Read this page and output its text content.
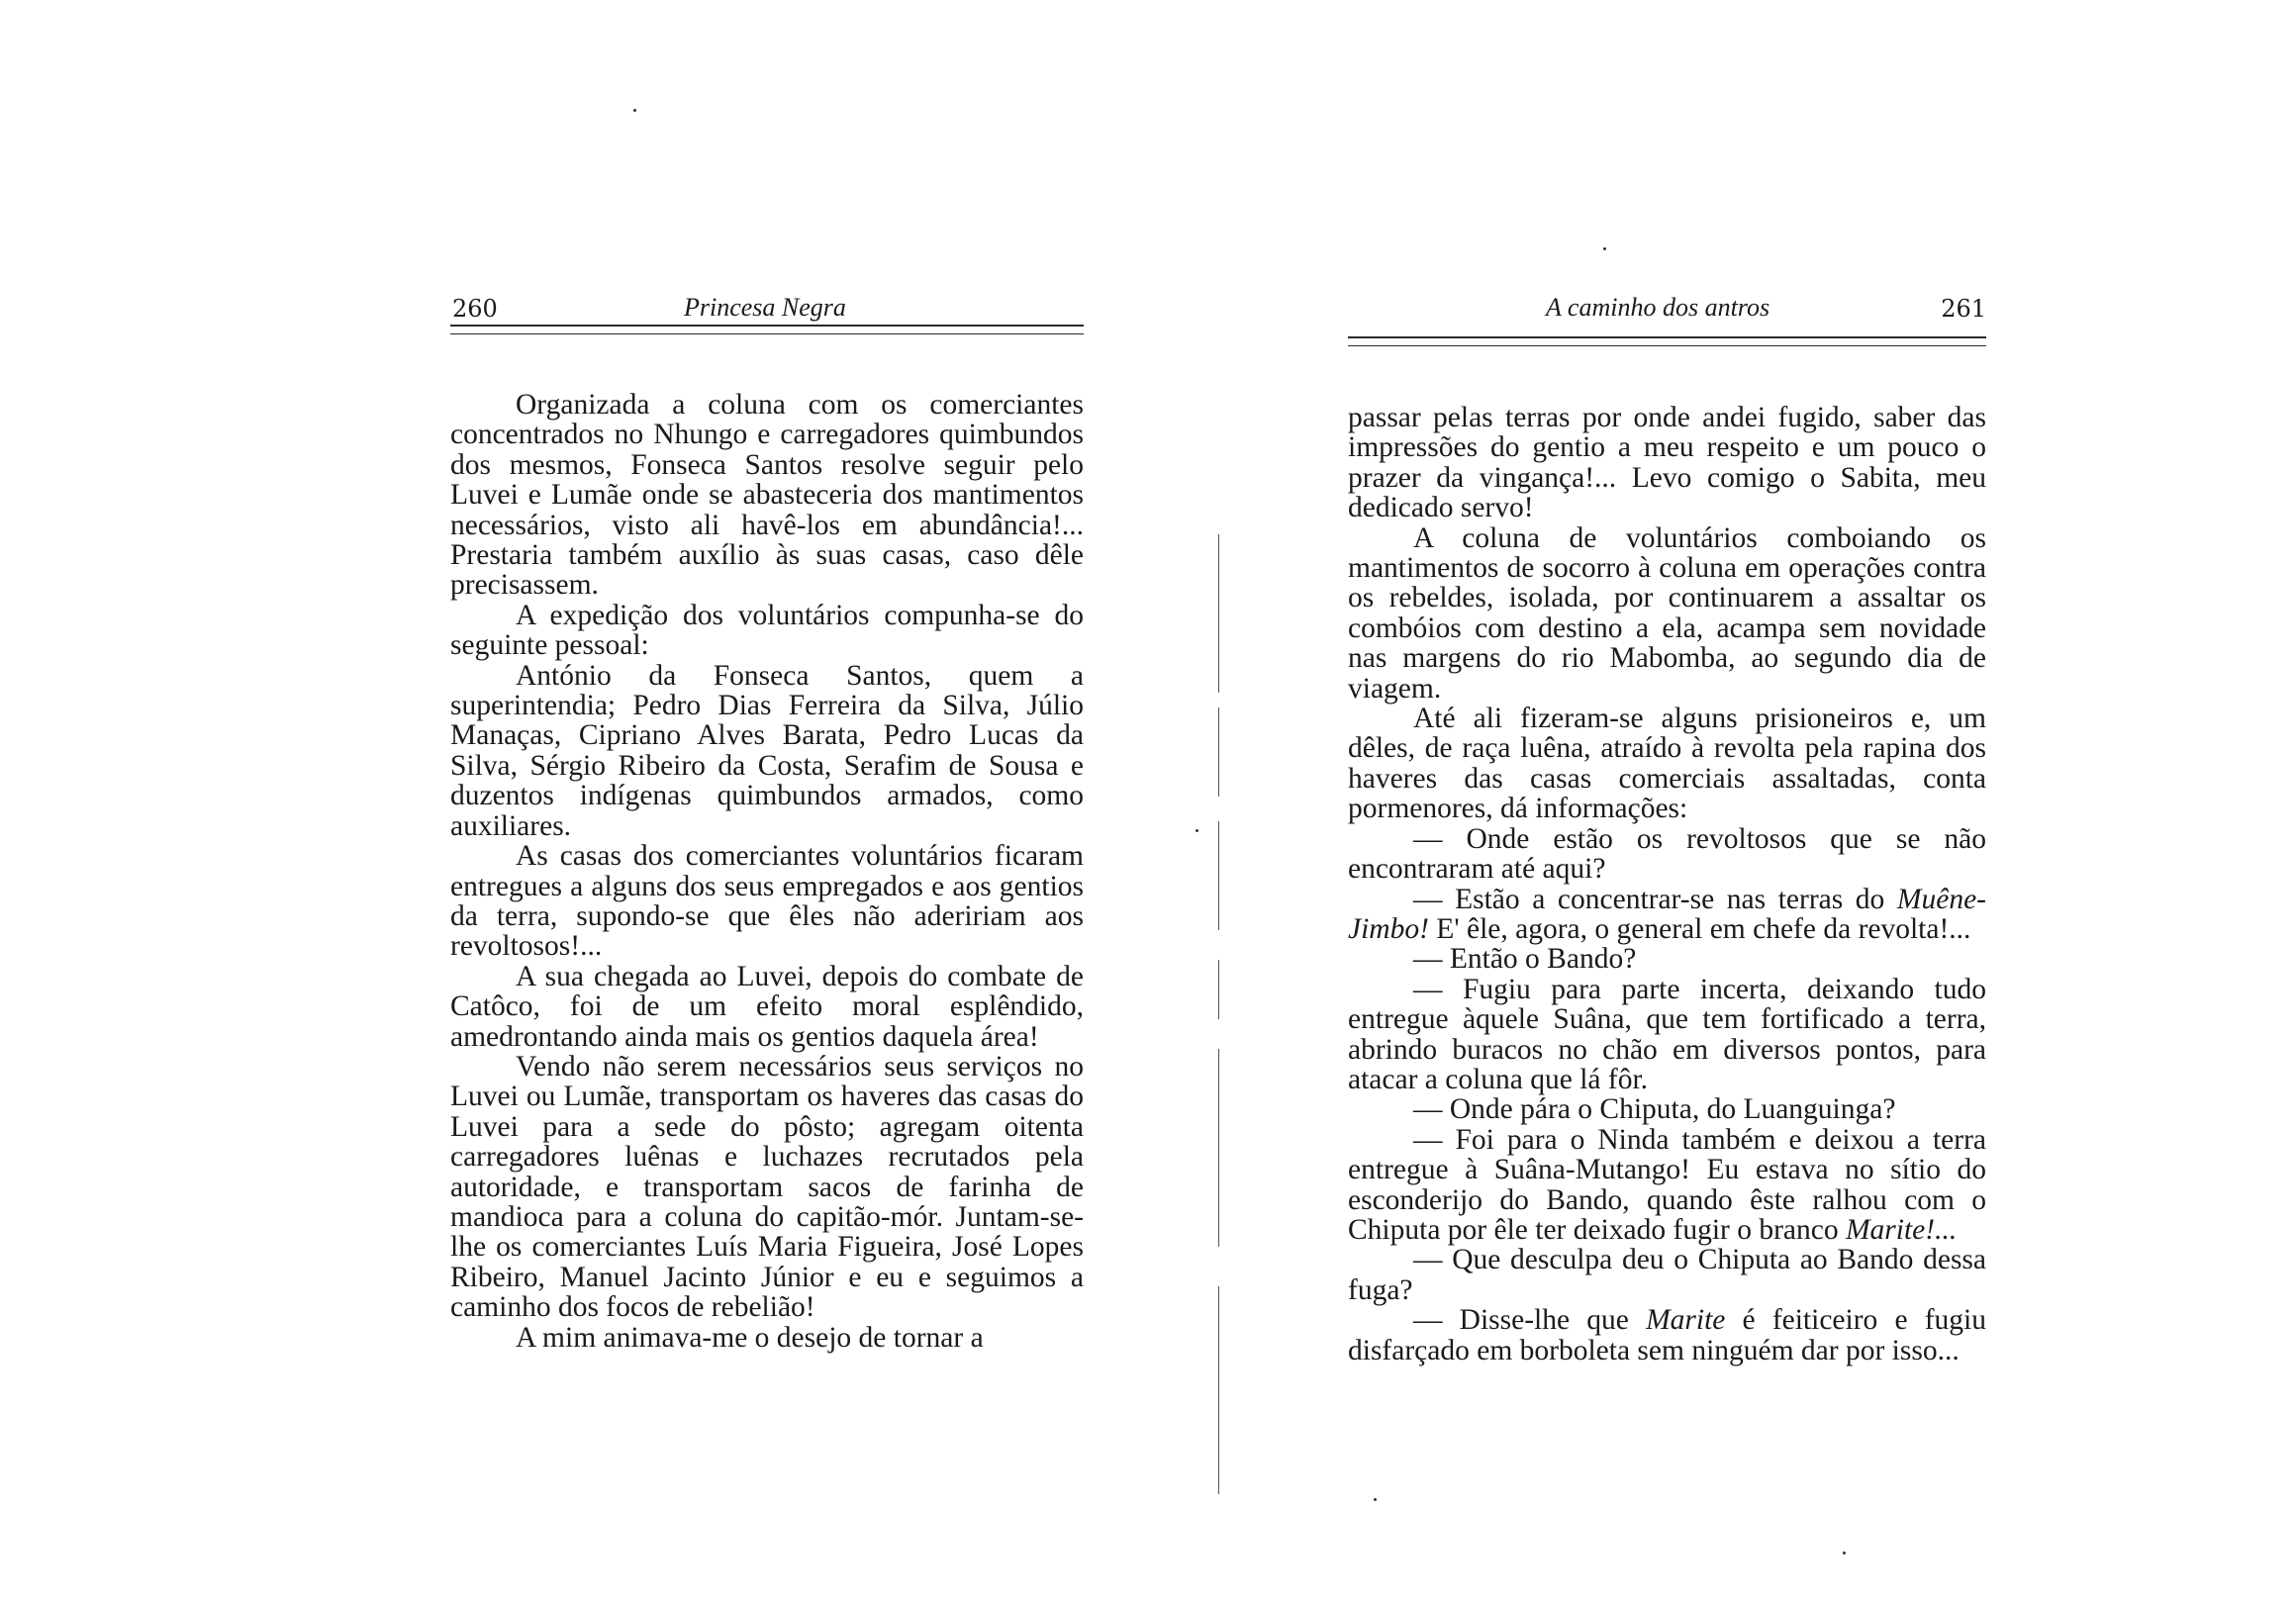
260	Princesa Negra

Organizada a coluna com os comerciantes concentrados no Nhungo e carregadores quimbundos dos mesmos, Fonseca Santos resolve seguir pelo Luvei e Lumãe onde se abasteceria dos mantimentos necessários, visto ali havê-los em abundância!... Prestaria também auxílio às suas casas, caso dêle precisassem.

A expedição dos voluntários compunha-se do seguinte pessoal:

António da Fonseca Santos, quem a superintendia; Pedro Dias Ferreira da Silva, Júlio Manaças, Cipriano Alves Barata, Pedro Lucas da Silva, Sérgio Ribeiro da Costa, Serafim de Sousa e duzentos indígenas quimbundos armados, como auxiliares.

As casas dos comerciantes voluntários ficaram entregues a alguns dos seus empregados e aos gentios da terra, supondo-se que êles não adeririam aos revoltosos!...

A sua chegada ao Luvei, depois do combate de Catôco, foi de um efeito moral esplêndido, amedrontando ainda mais os gentios daquela área!

Vendo não serem necessários seus serviços no Luvei ou Lumãe, transportam os haveres das casas do Luvei para a sede do pôsto; agregam oitenta carregadores luênas e luchazes recrutados pela autoridade, e transportam sacos de farinha de mandioca para a coluna do capitão-mór. Juntam-se-lhe os comerciantes Luís Maria Figueira, José Lopes Ribeiro, Manuel Jacinto Júnior e eu e seguimos a caminho dos focos de rebelião!

A mim animava-me o desejo de tornar a

A caminho dos antros	261

passar pelas terras por onde andei fugido, saber das impressões do gentio a meu respeito e um pouco o prazer da vingança!... Levo comigo o Sabita, meu dedicado servo!

A coluna de voluntários comboiando os mantimentos de socorro à coluna em operações contra os rebeldes, isolada, por continuarem a assaltar os combóios com destino a ela, acampa sem novidade nas margens do rio Mabomba, ao segundo dia de viagem.

Até ali fizeram-se alguns prisioneiros e, um dêles, de raça luêna, atraído à revolta pela rapina dos haveres das casas comerciais assaltadas, conta pormenores, dá informações:

— Onde estão os revoltosos que se não encontraram até aqui?

— Estão a concentrar-se nas terras do Muêne-Jimbo! E' êle, agora, o general em chefe da revolta!...

— Então o Bando?

— Fugiu para parte incerta, deixando tudo entregue àquele Suâna, que tem fortificado a terra, abrindo buracos no chão em diversos pontos, para atacar a coluna que lá fôr.

— Onde pára o Chiputa, do Luanguinga?

— Foi para o Ninda também e deixou a terra entregue à Suâna-Mutango! Eu estava no sítio do esconderijo do Bando, quando êste ralhou com o Chiputa por êle ter deixado fugir o branco Marite!...

— Que desculpa deu o Chiputa ao Bando dessa fuga?

— Disse-lhe que Marite é feiticeiro e fugiu disfarçado em borboleta sem ninguém dar por isso...
